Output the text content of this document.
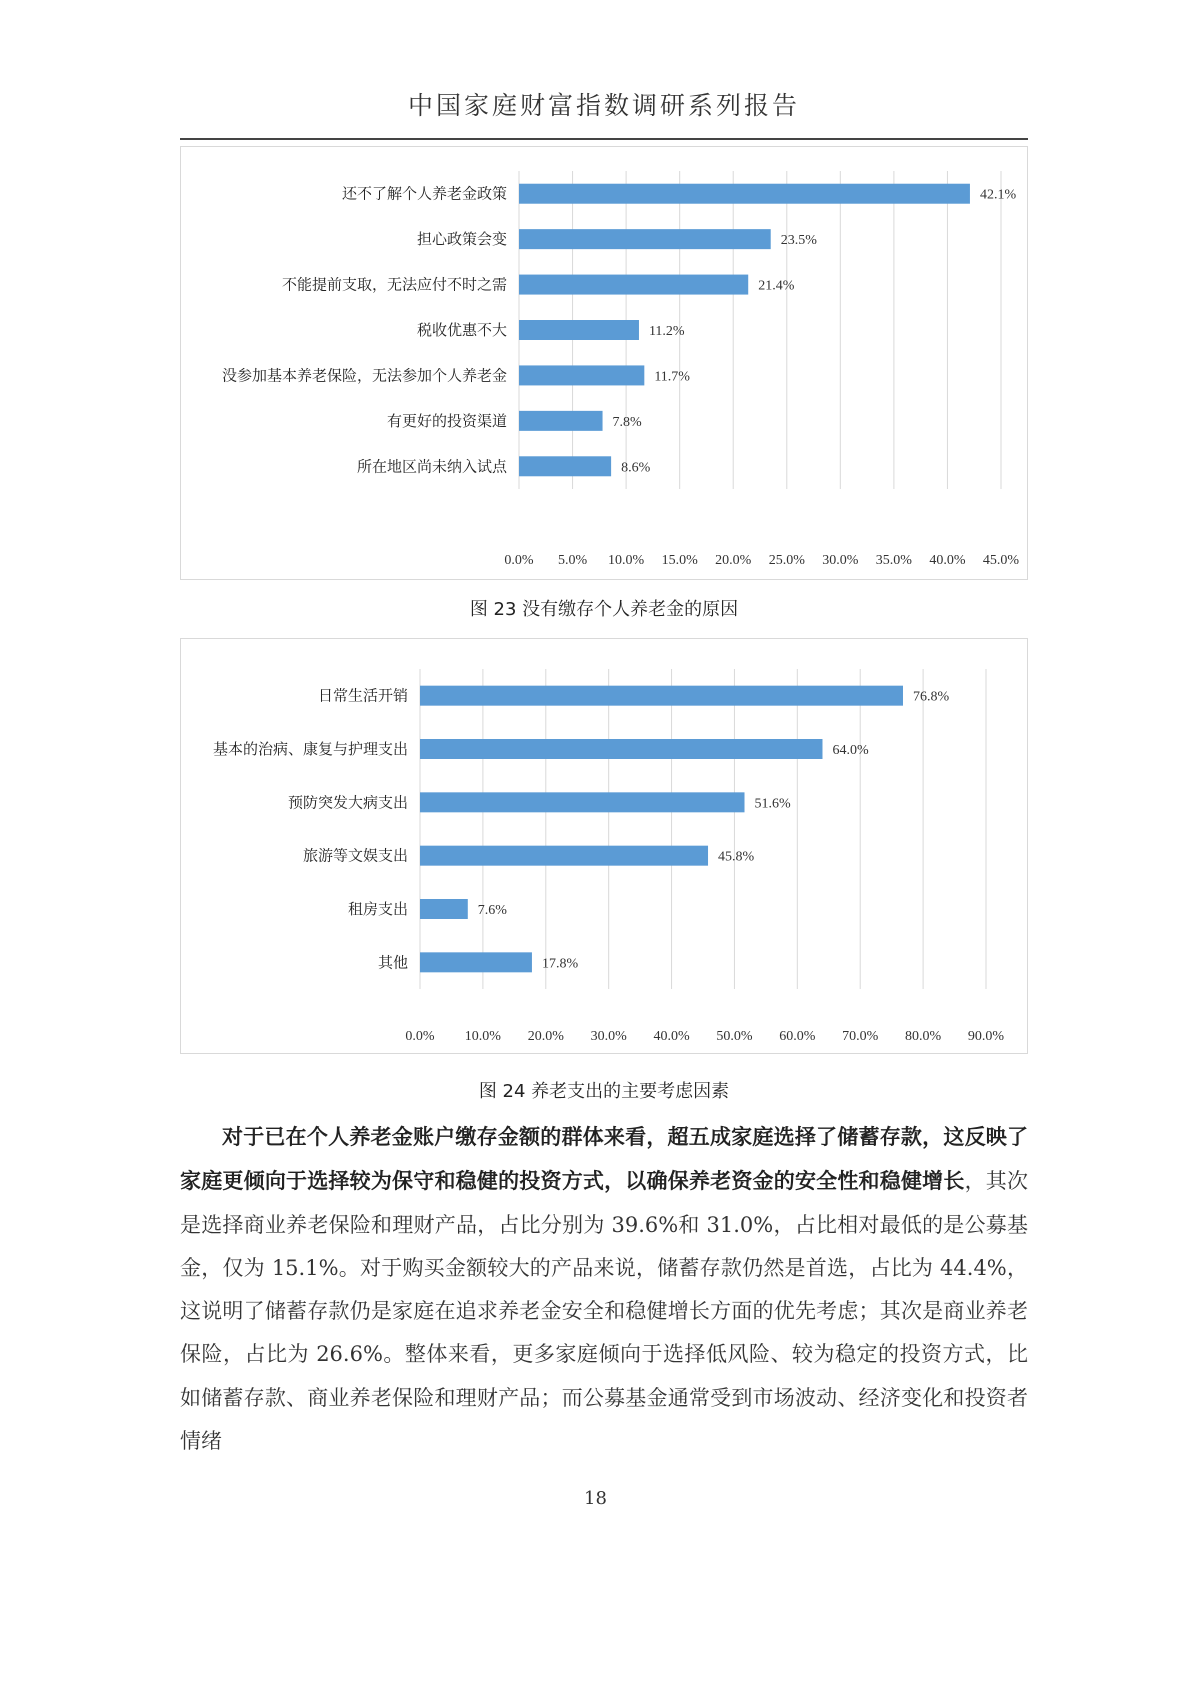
中国家庭财富指数调研系列报告
0.0% 5.0% 10.0% 15.0% 20.0% 25.0% 30.0% 35.0% 40.0% 45.0%
还不了解个人养老金政策	42.1%
担心政策会变	23.5%
不能提前支取，无法应付不时之需	21.4%
税收优惠不大	11.2%
没参加基本养老保险，无法参加个人养老金	11.7%
有更好的投资渠道	7.8%
所在地区尚未纳入试点	8.6%
图 23 没有缴存个人养老金的原因
0.0% 10.0% 20.0% 30.0% 40.0% 50.0% 60.0% 70.0% 80.0% 90.0%
日常生活开销	76.8%
基本的治病、康复与护理支出	64.0%
预防突发大病支出	51.6%
旅游等文娱支出	45.8%
租房支出	7.6%
其他	17.8%
图 24 养老支出的主要考虑因素

对于已在个人养老金账户缴存金额的群体来看，超五成家庭选择了储蓄存款，这反映了家庭更倾向于选择较为保守和稳健的投资方式，以确保养老资金的安全性和稳健增长，其次是选择商业养老保险和理财产品，占比分别为 39.6%和 31.0%，占比相对最低的是公募基金，仅为 15.1%。对于购买金额较大的产品来说，储蓄存款仍然是首选，占比为 44.4%，这说明了储蓄存款仍是家庭在追求养老金安全和稳健增长方面的优先考虑；其次是商业养老保险，占比为 26.6%。整体来看，更多家庭倾向于选择低风险、较为稳定的投资方式，比如储蓄存款、商业养老保险和理财产品；而公募基金通常受到市场波动、经济变化和投资者情绪

18
